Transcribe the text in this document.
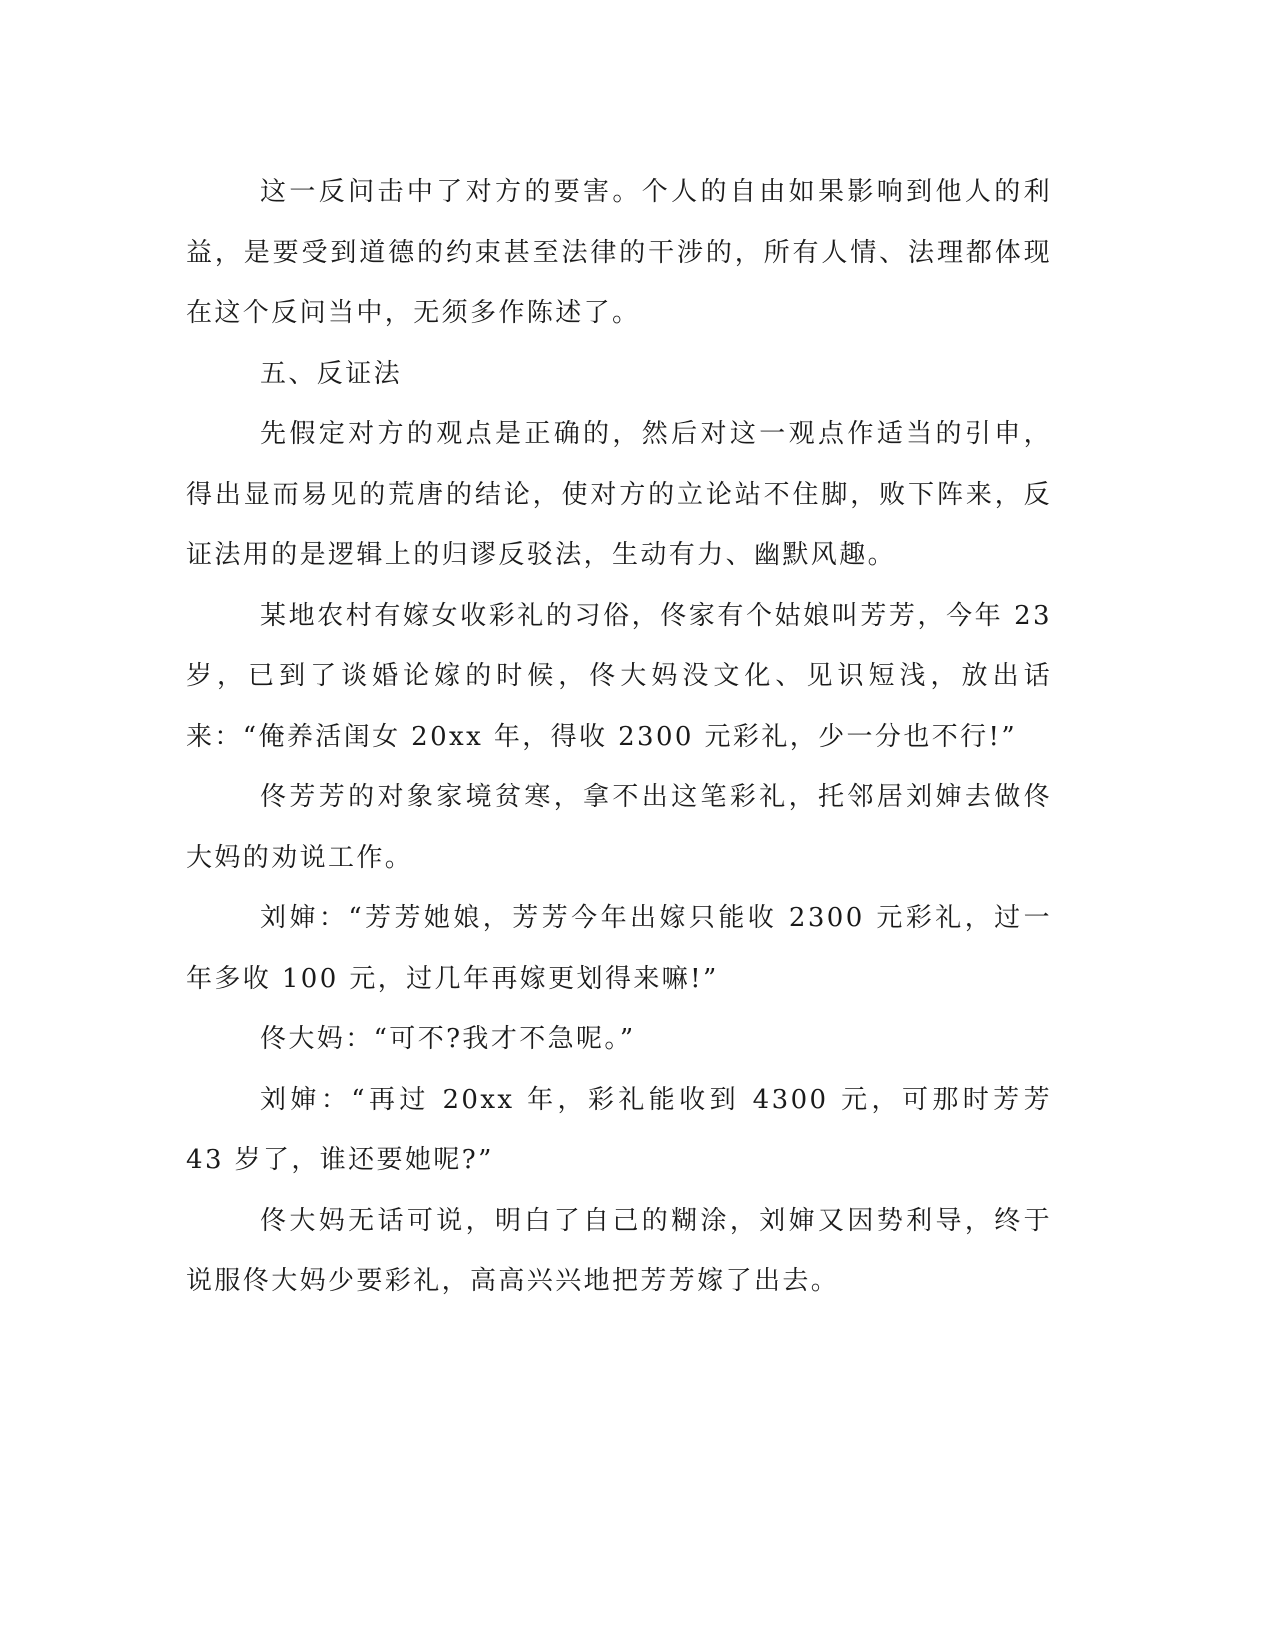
这一反问击中了对方的要害。个人的自由如果影响到他人的利益，是要受到道德的约束甚至法律的干涉的，所有人情、法理都体现在这个反问当中，无须多作陈述了。

五、反证法

先假定对方的观点是正确的，然后对这一观点作适当的引申，得出显而易见的荒唐的结论，使对方的立论站不住脚，败下阵来，反证法用的是逻辑上的归谬反驳法，生动有力、幽默风趣。

某地农村有嫁女收彩礼的习俗，佟家有个姑娘叫芳芳，今年 23 岁，已到了谈婚论嫁的时候，佟大妈没文化、见识短浅，放出话来：“俺养活闺女 20xx 年，得收 2300 元彩礼，少一分也不行!”

佟芳芳的对象家境贫寒，拿不出这笔彩礼，托邻居刘婶去做佟大妈的劝说工作。

刘婶：“芳芳她娘，芳芳今年出嫁只能收 2300 元彩礼，过一年多收 100 元，过几年再嫁更划得来嘛!”

佟大妈：“可不?我才不急呢。”

刘婶：“再过 20xx 年，彩礼能收到 4300 元，可那时芳芳 43 岁了，谁还要她呢?”

佟大妈无话可说，明白了自己的糊涂，刘婶又因势利导，终于说服佟大妈少要彩礼，高高兴兴地把芳芳嫁了出去。
